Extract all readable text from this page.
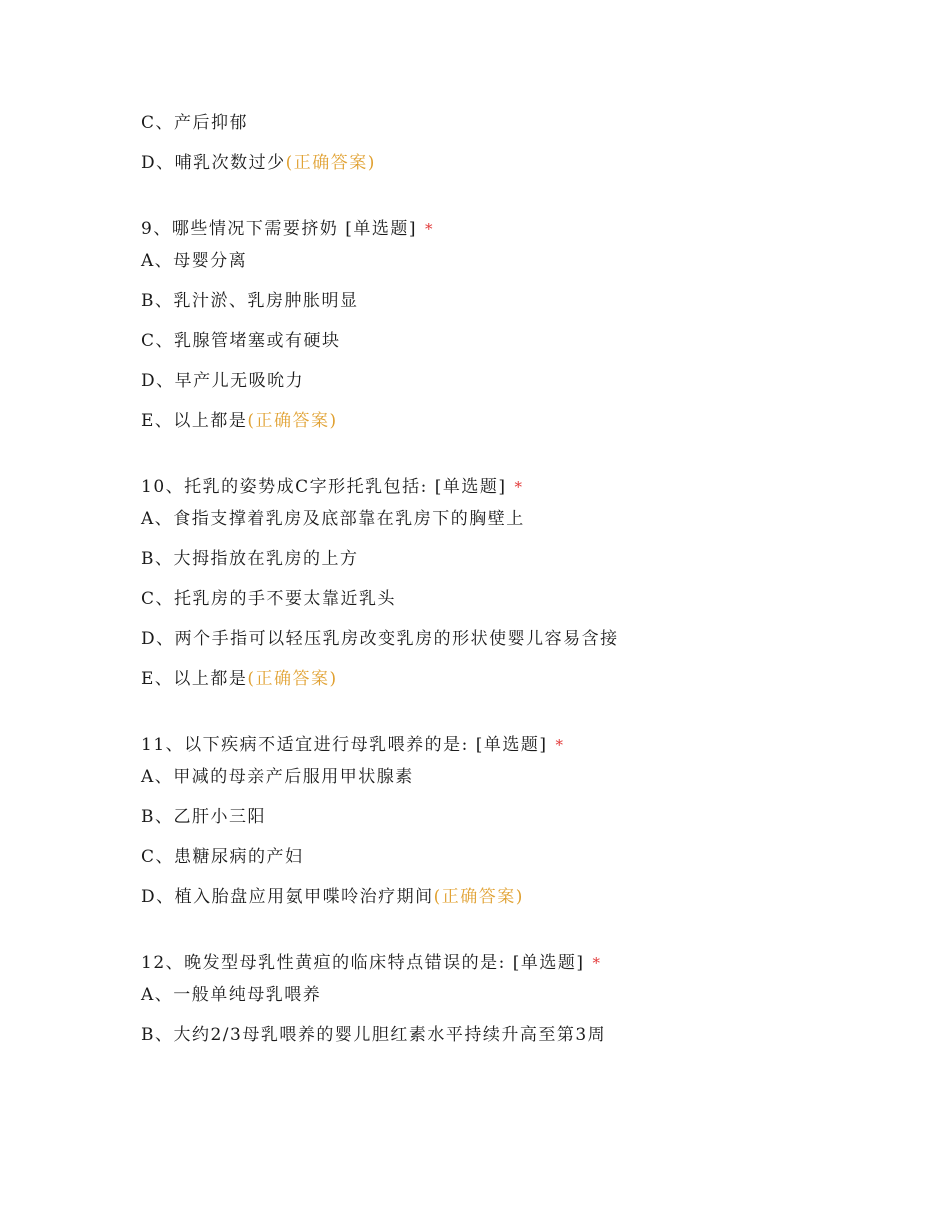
C、产后抑郁
D、哺乳次数过少(正确答案)
9、哪些情况下需要挤奶 [单选题] *
A、母婴分离
B、乳汁淤、乳房肿胀明显
C、乳腺管堵塞或有硬块
D、早产儿无吸吮力
E、以上都是(正确答案)
10、托乳的姿势成C字形托乳包括: [单选题] *
A、食指支撑着乳房及底部靠在乳房下的胸壁上
B、大拇指放在乳房的上方
C、托乳房的手不要太靠近乳头
D、两个手指可以轻压乳房改变乳房的形状使婴儿容易含接
E、以上都是(正确答案)
11、以下疾病不适宜进行母乳喂养的是: [单选题] *
A、甲减的母亲产后服用甲状腺素
B、乙肝小三阳
C、患糖尿病的产妇
D、植入胎盘应用氨甲喋呤治疗期间(正确答案)
12、晚发型母乳性黄疸的临床特点错误的是: [单选题] *
A、一般单纯母乳喂养
B、大约2/3母乳喂养的婴儿胆红素水平持续升高至第3周
